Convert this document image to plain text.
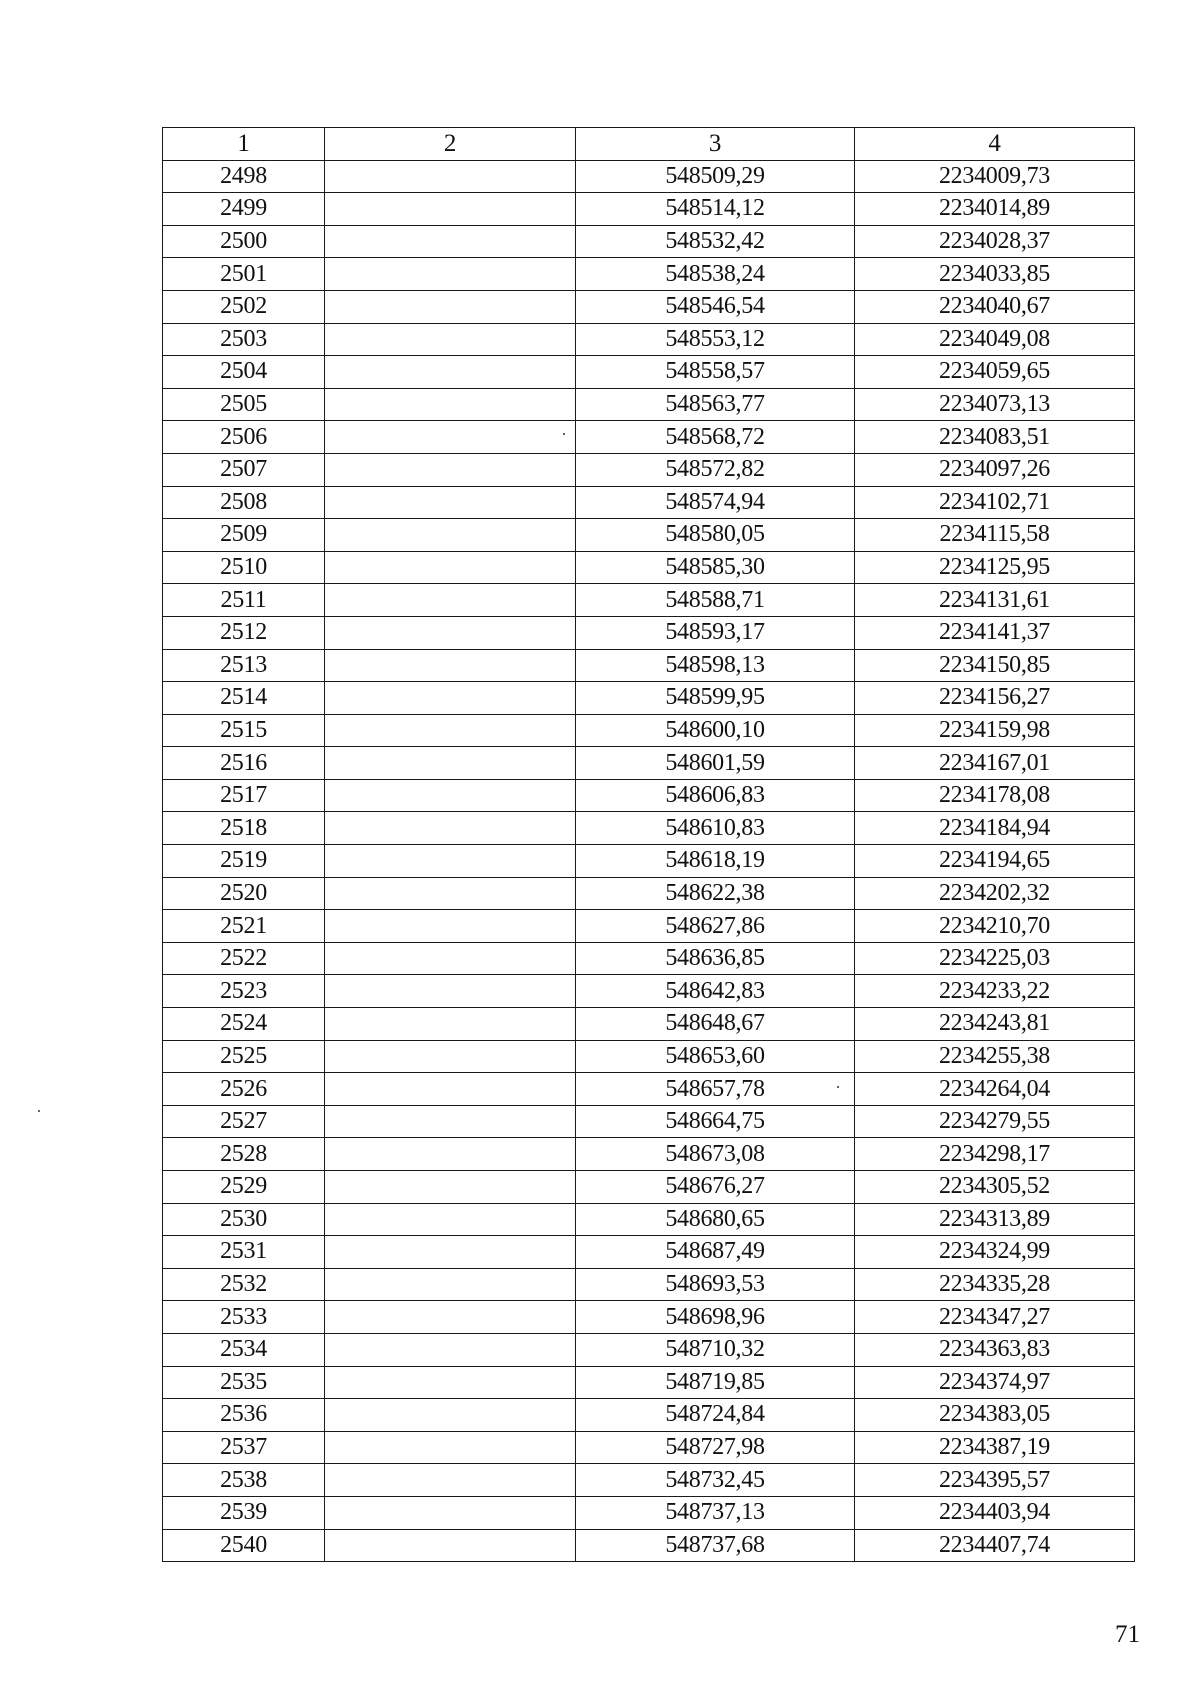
1	2	3	4
2498		548509,29	2234009,73
2499		548514,12	2234014,89
2500		548532,42	2234028,37
2501		548538,24	2234033,85
2502		548546,54	2234040,67
2503		548553,12	2234049,08
2504		548558,57	2234059,65
2505		548563,77	2234073,13
2506		548568,72	2234083,51
2507		548572,82	2234097,26
2508		548574,94	2234102,71
2509		548580,05	2234115,58
2510		548585,30	2234125,95
2511		548588,71	2234131,61
2512		548593,17	2234141,37
2513		548598,13	2234150,85
2514		548599,95	2234156,27
2515		548600,10	2234159,98
2516		548601,59	2234167,01
2517		548606,83	2234178,08
2518		548610,83	2234184,94
2519		548618,19	2234194,65
2520		548622,38	2234202,32
2521		548627,86	2234210,70
2522		548636,85	2234225,03
2523		548642,83	2234233,22
2524		548648,67	2234243,81
2525		548653,60	2234255,38
2526		548657,78	2234264,04
2527		548664,75	2234279,55
2528		548673,08	2234298,17
2529		548676,27	2234305,52
2530		548680,65	2234313,89
2531		548687,49	2234324,99
2532		548693,53	2234335,28
2533		548698,96	2234347,27
2534		548710,32	2234363,83
2535		548719,85	2234374,97
2536		548724,84	2234383,05
2537		548727,98	2234387,19
2538		548732,45	2234395,57
2539		548737,13	2234403,94
2540		548737,68	2234407,74
71
